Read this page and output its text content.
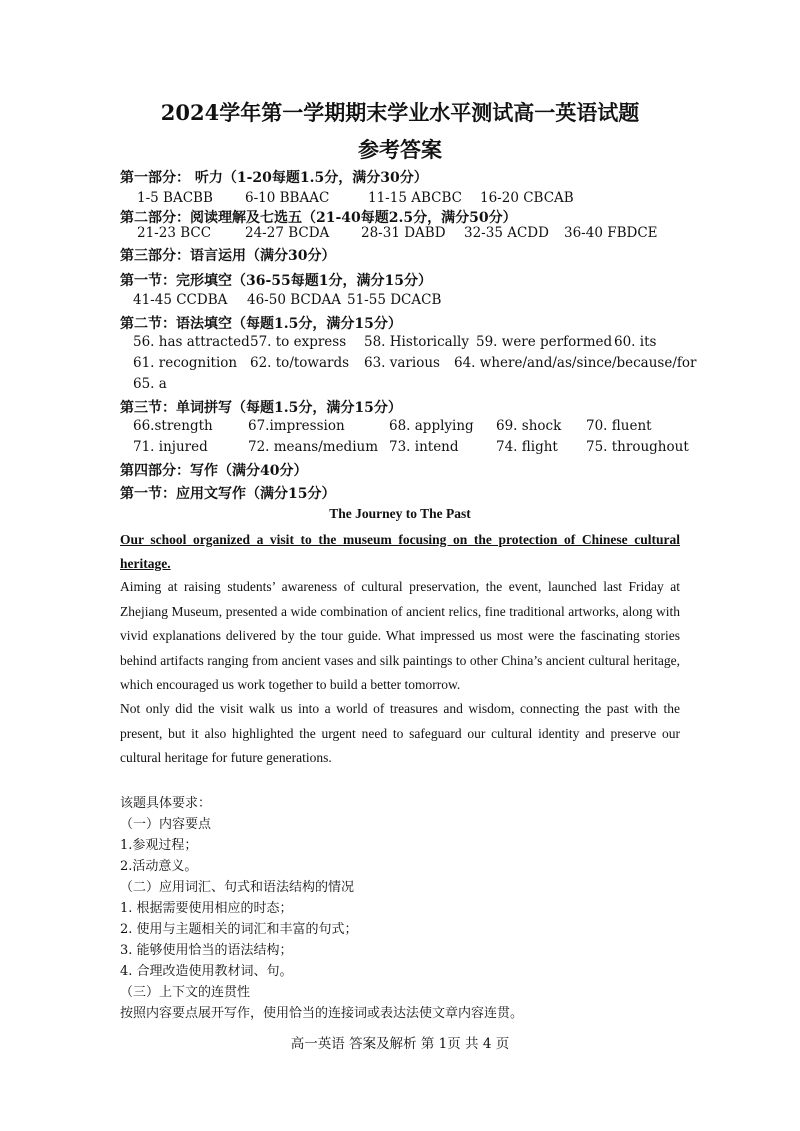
2024学年第一学期期末学业水平测试高一英语试题
参考答案
第一部分： 听力（1-20每题1.5分，满分30分）
1-5 BACBB 6-10 BBAAC	11-15 ABCBC 16-20 CBCAB
第二部分：阅读理解及七选五（21-40每题2.5分，满分50分）
21-23 BCC	24-27 BCDA 28-31 DABD 32-35 ACDD 36-40 FBDCE
第三部分：语言运用（满分30分）
第一节：完形填空（36-55每题1分，满分15分）
41-45 CCDBA 46-50 BCDAA 51-55 DCACB
第二节：语法填空（每题1.5分，满分15分）
56. has attracted 57. to express 58. Historically 59. were performed 60. its
61. recognition 62. to/towards 63. various 64. where/and/as/since/because/for
65. a
第三节：单词拼写（每题1.5分，满分15分）
66.strength	67.impression	68. applying 69. shock 70. fluent
71. injured	72. means/medium 73. intend	74. flight 75. throughout
第四部分：写作（满分40分）
第一节：应用文写作（满分15分）
The Journey to The Past
Our school organized a visit to the museum focusing on the protection of Chinese cultural heritage.
Aiming at raising students’ awareness of cultural preservation, the event, launched last Friday at Zhejiang Museum, presented a wide combination of ancient relics, fine traditional artworks, along with vivid explanations delivered by the tour guide. What impressed us most were the fascinating stories behind artifacts ranging from ancient vases and silk paintings to other China’s ancient cultural heritage, which encouraged us work together to build a better tomorrow.
Not only did the visit walk us into a world of treasures and wisdom, connecting the past with the present, but it also highlighted the urgent need to safeguard our cultural identity and preserve our cultural heritage for future generations.
该题具体要求：
（一）内容要点
1.参观过程；
2.活动意义。
（二）应用词汇、句式和语法结构的情况
1. 根据需要使用相应的时态；
2. 使用与主题相关的词汇和丰富的句式；
3. 能够使用恰当的语法结构；
4. 合理改造使用教材词、句。
（三）上下文的连贯性
按照内容要点展开写作，使用恰当的连接词或表达法使文章内容连贯。
高一英语 答案及解析 第 1页 共 4 页
